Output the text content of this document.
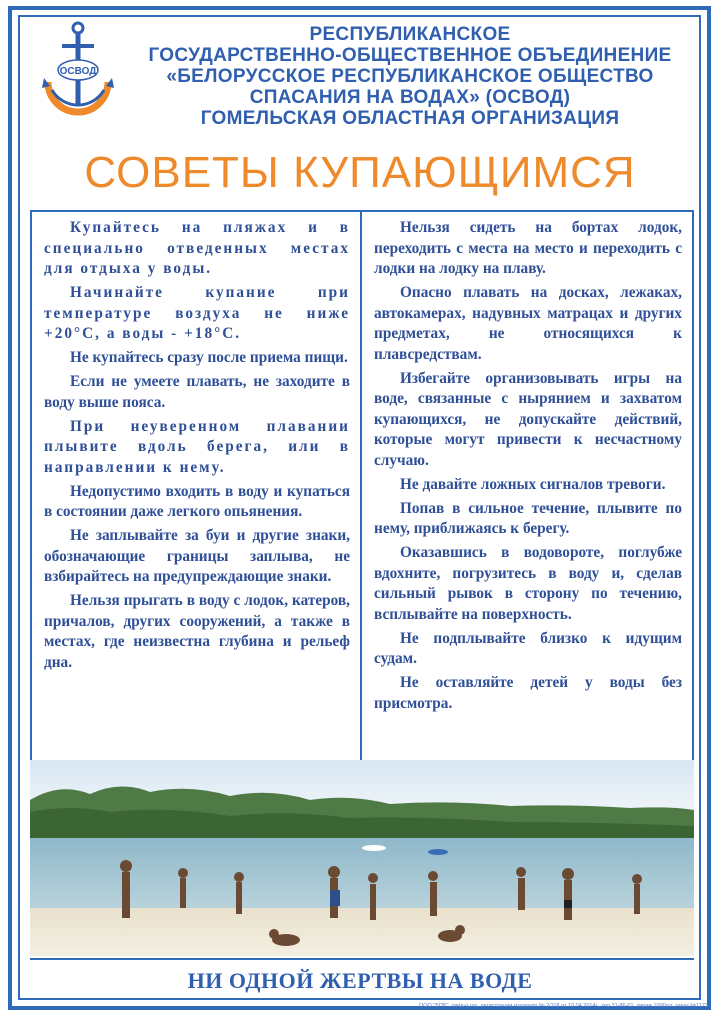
ОСВОД
РЕСПУБЛИКАНСКОЕ
ГОСУДАРСТВЕННО-ОБЩЕСТВЕННОЕ ОБЪЕДИНЕНИЕ
«БЕЛОРУССКОЕ РЕСПУБЛИКАНСКОЕ ОБЩЕСТВО
СПАСАНИЯ НА ВОДАХ» (ОСВОД)
ГОМЕЛЬСКАЯ ОБЛАСТНАЯ ОРГАНИЗАЦИЯ
СОВЕТЫ КУПАЮЩИМСЯ

Купайтесь на пляжах и в специально отведенных местах для отдыха у воды.

Начинайте купание при температуре воздуха не ниже +20°С, а воды - +18°С.

Не купайтесь сразу после приема пищи.

Если не умеете плавать, не заходите в воду выше пояса.

При неуверенном плавании плывите вдоль берега, или в направлении к нему.

Недопустимо входить в воду и купаться в состоянии даже легкого опьянения.

Не заплывайте за буи и другие знаки, обозначающие границы заплыва, не взбирайтесь на предупреждающие знаки.

Нельзя прыгать в воду с лодок, катеров, причалов, других сооружений, а также в местах, где неизвестна глубина и рельеф дна.

Нельзя сидеть на бортах лодок, переходить с места на место и переходить с лодки на лодку на плаву.

Опасно плавать на досках, лежаках, автокамерах, надувных матрацах и других предметах, не относящихся к плавсредствам.

Избегайте организовывать игры на воде, связанные с нырянием и захватом купающихся, не допускайте действий, которые могут привести к несчастному случаю.

Не давайте ложных сигналов тревоги.

Попав в сильное течение, плывите по нему, приближаясь к берегу.

Оказавшись в водовороте, поглубже вдохните, погрузитесь в воду и, сделав сильный рывок в сторону по течению, всплывайте на поверхность.

Не подплывайте близко к идущим судам.

Не оставляйте детей у воды без присмотра.

НИ ОДНОЙ ЖЕРТВЫ НА ВОДЕ
ООО "БПБ", свид-о гос. регистрации издателя № 2/118 от 10.04.2014г., тел 31-86-01, тираж 1000шт, заказ №1173
